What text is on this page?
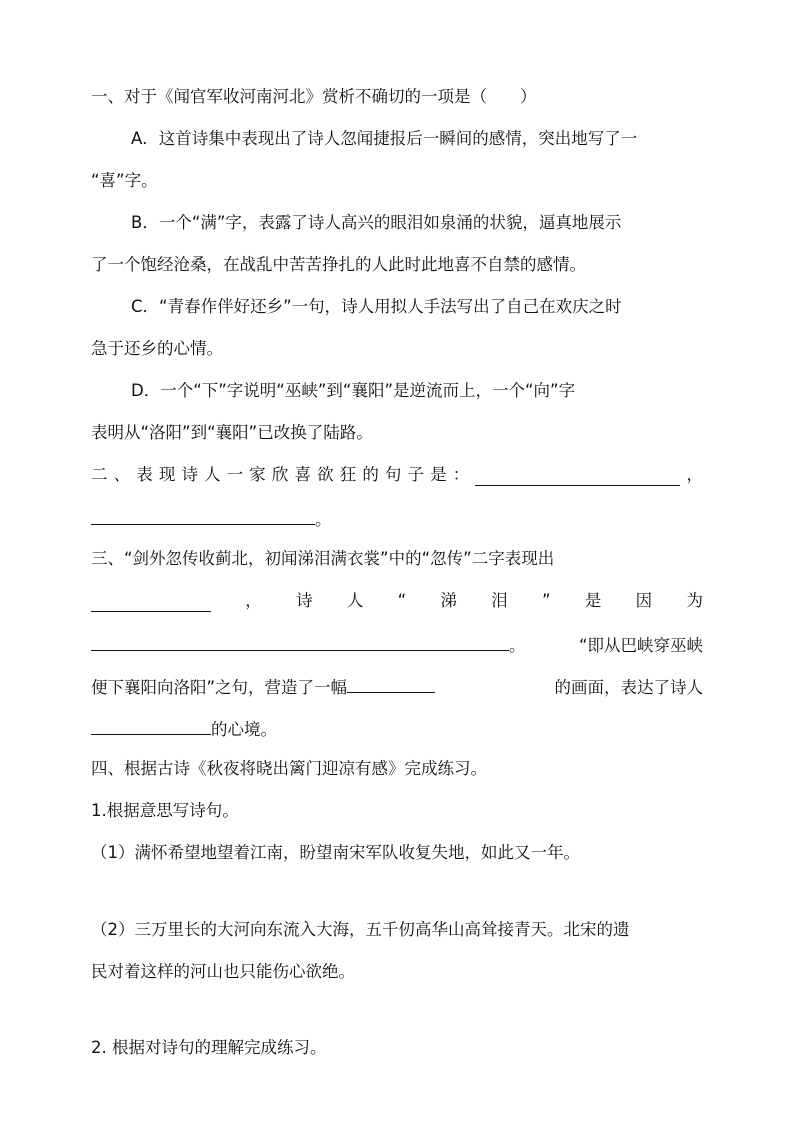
一、对于《闻官军收河南河北》赏析不确切的一项是（　　）
A．这首诗集中表现出了诗人忽闻捷报后一瞬间的感情，突出地写了一
“喜”字。
B．一个“满”字，表露了诗人高兴的眼泪如泉涌的状貌，逼真地展示
了一个饱经沧桑，在战乱中苦苦挣扎的人此时此地喜不自禁的感情。
C．“青春作伴好还乡”一句，诗人用拟人手法写出了自己在欢庆之时
急于还乡的心情。
D．一个“下”字说明“巫峡”到“襄阳”是逆流而上，一个“向”字
表明从“洛阳”到“襄阳”已改换了陆路。
二 、 表 现 诗 人 一 家 欣 喜 欲 狂 的 句 子 是 ：	，
。
三、“剑外忽传收蓟北，初闻涕泪满衣裳”中的“忽传”二字表现出
， 诗 人 “ 涕 泪 ” 是 因 为
。	“即从巴峡穿巫峡
便下襄阳向洛阳”之句，营造了一幅	的画面，表达了诗人
的心境。
四、根据古诗《秋夜将晓出篱门迎凉有感》完成练习。
1.根据意思写诗句。
（1）满怀希望地望着江南，盼望南宋军队收复失地，如此又一年。
（2）三万里长的大河向东流入大海，五千仞高华山高耸接青天。北宋的遗
民对着这样的河山也只能伤心欲绝。
2. 根据对诗句的理解完成练习。
